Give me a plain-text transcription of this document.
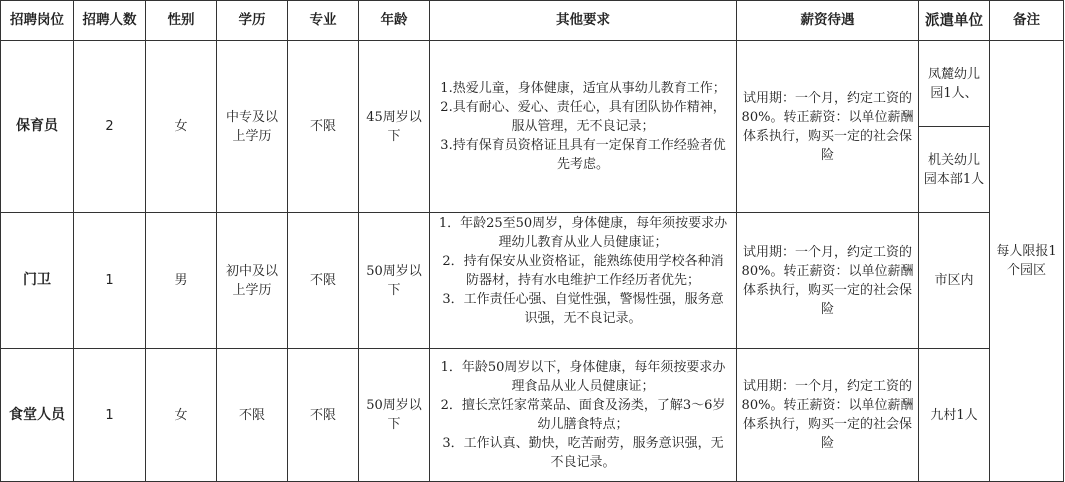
招聘岗位	招聘人数	性别	学历	专业	年龄	其他要求	薪资待遇	派遣单位	备注
保育员	2	女	中专及以上学历	不限	45周岁以下	1.热爱儿童，身体健康，适宜从事幼儿教育工作；
2.具有耐心、爱心、责任心，具有团队协作精神，服从管理，无不良记录；
3.持有保育员资格证且具有一定保育工作经验者优先考虑。	试用期：一个月，约定工资的80%。转正薪资：以单位薪酬体系执行，购买一定的社会保险	凤麓幼儿园1人、	每人限报1个园区
								机关幼儿园本部1人	
门卫	1	男	初中及以上学历	不限	50周岁以下	1．年龄25至50周岁，身体健康，每年须按要求办理幼儿教育从业人员健康证；
2．持有保安从业资格证，能熟练使用学校各种消防器材，持有水电维护工作经历者优先；
3．工作责任心强、自觉性强，警惕性强，服务意识强，无不良记录。	试用期：一个月，约定工资的80%。转正薪资：以单位薪酬体系执行，购买一定的社会保险	市区内	
食堂人员	1	女	不限	不限	50周岁以下	1．年龄50周岁以下，身体健康，每年须按要求办理食品从业人员健康证；
2．擅长烹饪家常菜品、面食及汤类，了解3～6岁幼儿膳食特点；
3．工作认真、勤快，吃苦耐劳，服务意识强，无不良记录。	试用期：一个月，约定工资的80%。转正薪资：以单位薪酬体系执行，购买一定的社会保险	九村1人	
